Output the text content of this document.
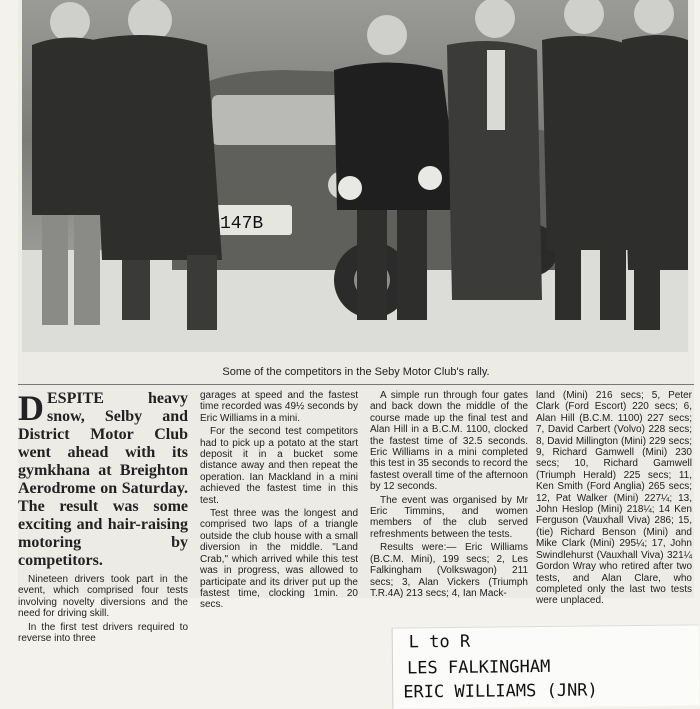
147B
Some of the competitors in the Seby Motor Club's rally.

DESPITE heavy snow, Selby and District Motor Club went ahead with its gymkhana at Breighton Aerodrome on Saturday. The result was some exciting and hair-raising motoring by competitors.

Nineteen drivers took part in the event, which comprised four tests involving novelty diversions and the need for driving skill.

In the first test drivers required to reverse into three

garages at speed and the fastest time recorded was 49½ seconds by Eric Williams in a mini.

For the second test competitors had to pick up a potato at the start deposit it in a bucket some distance away and then repeat the operation. Ian Mackland in a mini achieved the fastest time in this test.

Test three was the longest and comprised two laps of a triangle outside the club house with a small diversion in the middle. "Land Crab," which arrived while this test was in progress, was allowed to participate and its driver put up the fastest time, clocking 1min. 20 secs.

A simple run through four gates and back down the middle of the course made up the final test and Alan Hill in a B.C.M. 1100, clocked the fastest time of 32.5 seconds. Eric Williams in a mini completed this test in 35 seconds to record the fastest overall time of the afternoon by 12 seconds.

The event was organised by Mr Eric Timmins, and women members of the club served refreshments between the tests.

Results were:— Eric Williams (B.C.M. Mini), 199 secs; 2, Les Falkingham (Volkswagon) 211 secs; 3, Alan Vickers (Triumph T.R.4A) 213 secs; 4, Ian Mack-

land (Mini) 216 secs; 5, Peter Clark (Ford Escort) 220 secs; 6, Alan Hill (B.C.M. 1100) 227 secs; 7, David Carbert (Volvo) 228 secs; 8, David Millington (Mini) 229 secs; 9, Richard Gamwell (Mini) 230 secs; 10, Richard Gamwell (Triumph Herald) 225 secs; 11, Ken Smith (Ford Anglia) 265 secs; 12, Pat Walker (Mini) 227¼; 13, John Heslop (Mini) 218¼; 14 Ken Ferguson (Vauxhall Viva) 286; 15, (tie) Richard Benson (Mini) and Mike Clark (Mini) 295¼; 17, John Swindlehurst (Vauxhall Viva) 321¼ Gordon Wray who retired after two tests, and Alan Clare, who completed only the last two tests were unplaced.

L to R
LES FALKINGHAM
ERIC WILLIAMS (JNR)
